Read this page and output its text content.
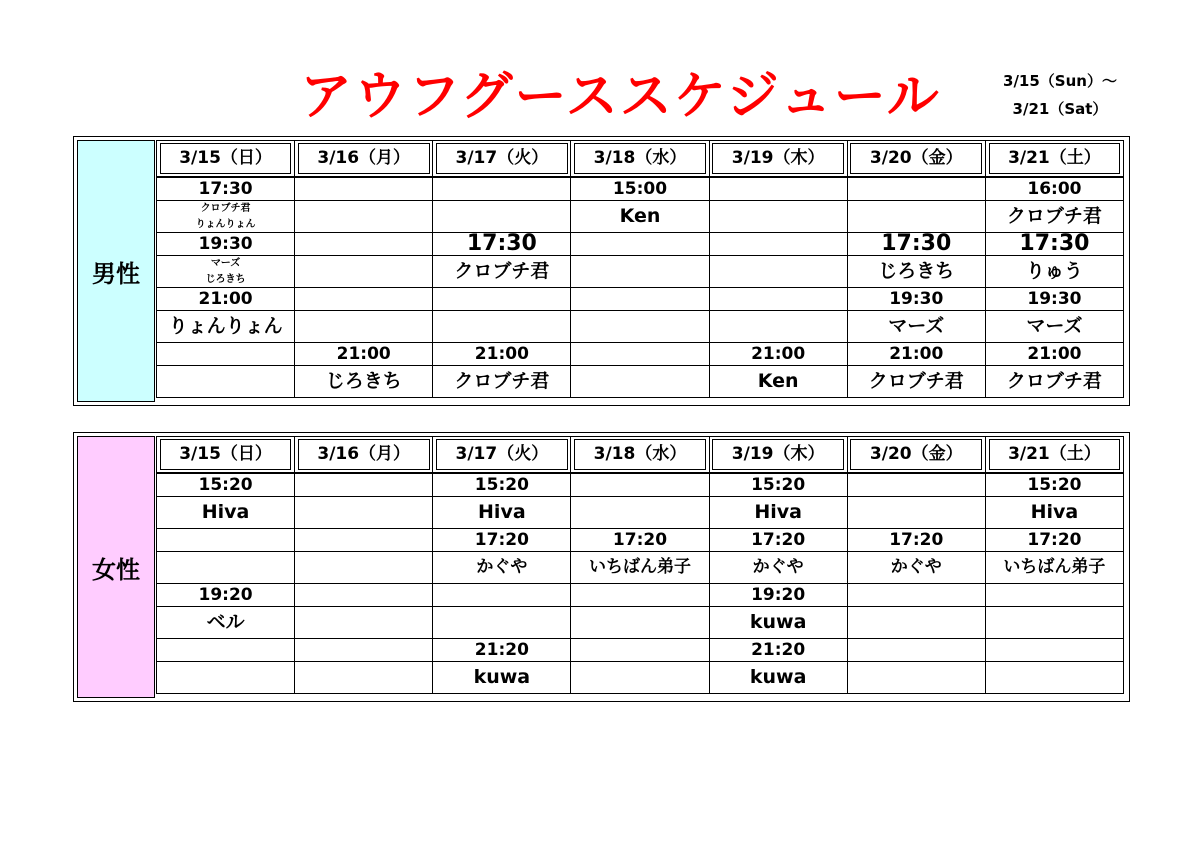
アウフグーススケジュール	3/15（Sun）～
3/21（Sat）
男性
3/15（日）	3/16（月）	3/17（火）	3/18（水）	3/19（木）	3/20（金）	3/21（土）
17:30			15:00			16:00

クロブチ君
りょんりょん			Ken			クロブチ君
19:30		17:30			17:30	17:30

マーズ
じろきち		クロブチ君			じろきち	りゅう
21:00					19:30	19:30
りょんりょん					マーズ	マーズ
	21:00	21:00		21:00	21:00	21:00
	じろきち	クロブチ君		Ken	クロブチ君	クロブチ君
女性
3/15（日）	3/16（月）	3/17（火）	3/18（水）	3/19（木）	3/20（金）	3/21（土）
15:20		15:20		15:20		15:20
Hiva		Hiva		Hiva		Hiva
		17:20	17:20	17:20	17:20	17:20
		かぐや	いちばん弟子	かぐや	かぐや	いちばん弟子
19:20				19:20		
ベル				kuwa		
		21:20		21:20		
		kuwa		kuwa		
